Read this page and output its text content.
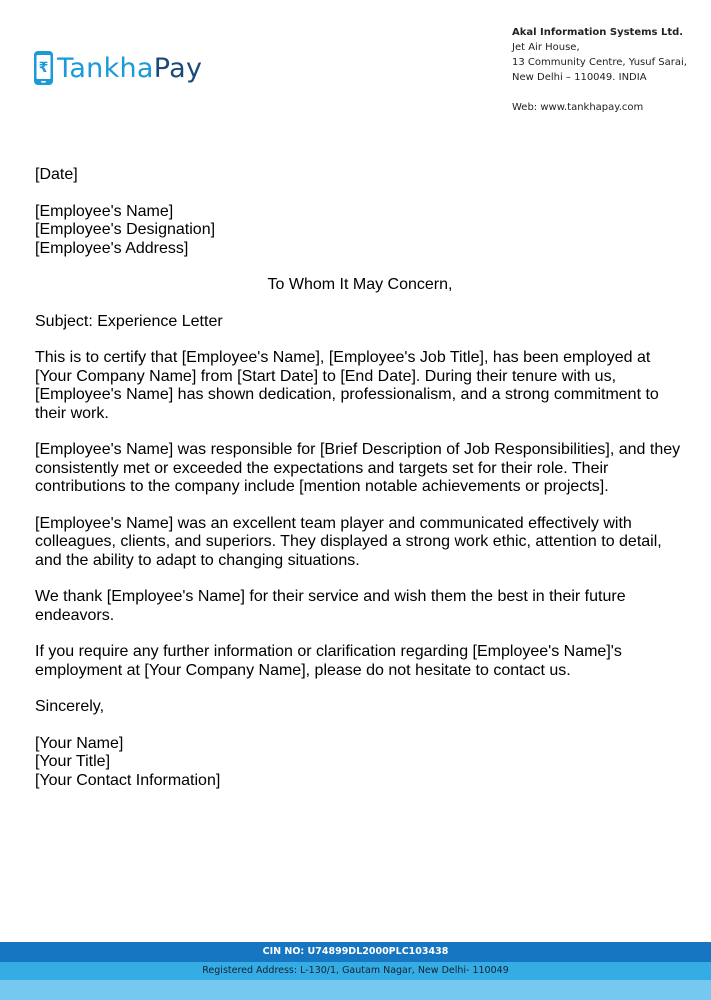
₹ TankhaPay
Akal Information Systems Ltd.
Jet Air House,
13 Community Centre, Yusuf Sarai,
New Delhi – 110049. INDIA
Web: www.tankhapay.com

[Date]

[Employee's Name]

[Employee's Designation]

[Employee's Address]

To Whom It May Concern,

Subject: Experience Letter

This is to certify that [Employee's Name], [Employee's Job Title], has been employed at [Your Company Name] from [Start Date] to [End Date]. During their tenure with us, [Employee's Name] has shown dedication, professionalism, and a strong commitment to their work.

[Employee's Name] was responsible for [Brief Description of Job Responsibilities], and they consistently met or exceeded the expectations and targets set for their role. Their contributions to the company include [mention notable achievements or projects].

[Employee's Name] was an excellent team player and communicated effectively with colleagues, clients, and superiors. They displayed a strong work ethic, attention to detail, and the ability to adapt to changing situations.

We thank [Employee's Name] for their service and wish them the best in their future endeavors.

If you require any further information or clarification regarding [Employee's Name]'s employment at [Your Company Name], please do not hesitate to contact us.

Sincerely,

[Your Name]

[Your Title]

[Your Contact Information]

CIN NO: U74899DL2000PLC103438
Registered Address: L-130/1, Gautam Nagar, New Delhi- 110049
